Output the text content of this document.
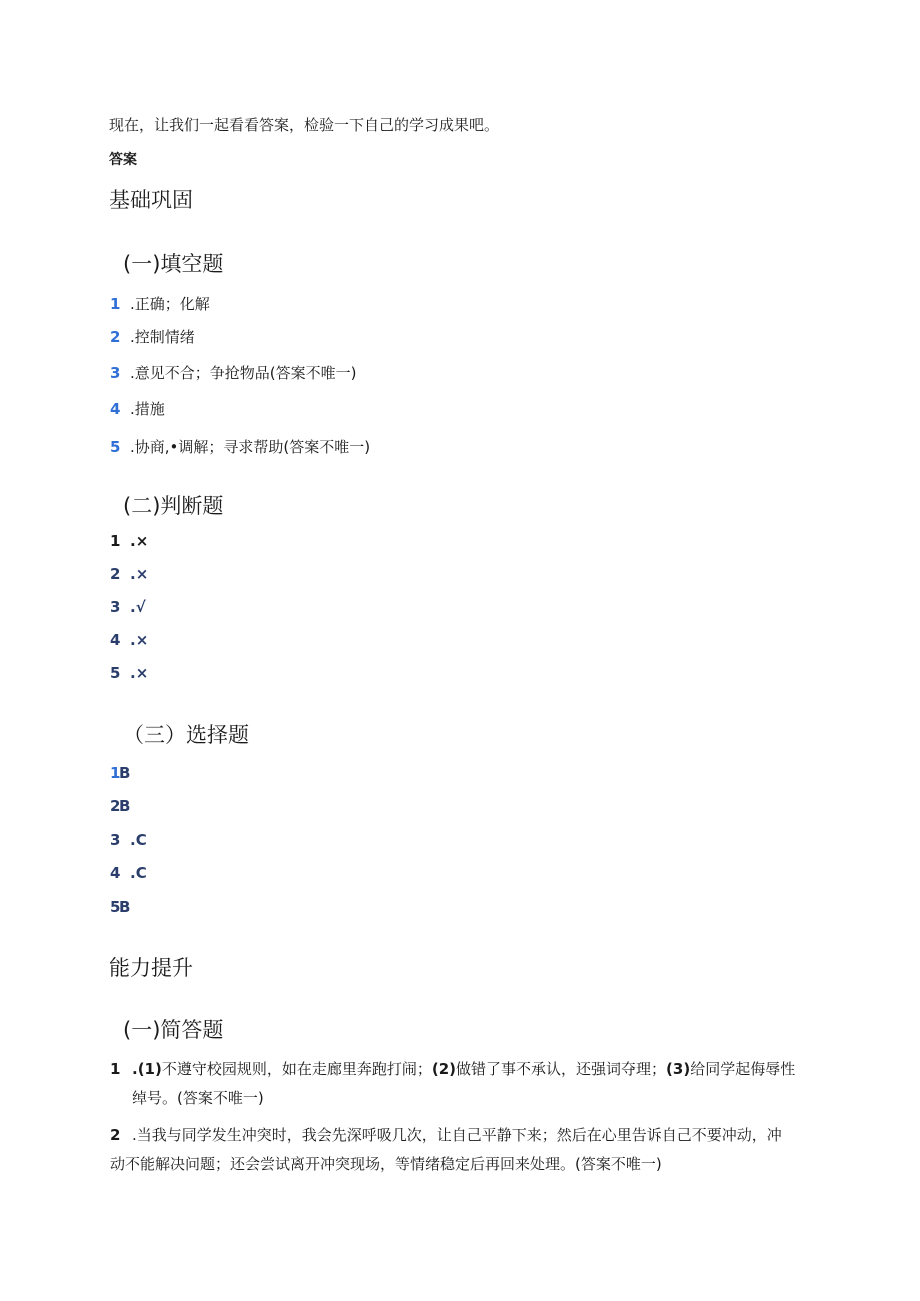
现在，让我们一起看看答案，检验一下自己的学习成果吧。
答案
基础巩固
(一)填空题
1 .正确；化解
2 .控制情绪
3 .意见不合；争抢物品(答案不唯一)
4 .措施
5 .协商,•调解；寻求帮助(答案不唯一)
(二)判断题
1 .×
2 .×
3 .√
4 .×
5 .×
（三）选择题
1B
2B
3 .C
4 .C
5B
能力提升
(一)简答题
1 .(1)不遵守校园规则，如在走廊里奔跑打闹；(2)做错了事不承认，还强词夺理；(3)给同学起侮辱性
绰号。(答案不唯一)
2 .当我与同学发生冲突时，我会先深呼吸几次，让自己平静下来；然后在心里告诉自己不要冲动，冲
动不能解决问题；还会尝试离开冲突现场，等情绪稳定后再回来处理。(答案不唯一)
